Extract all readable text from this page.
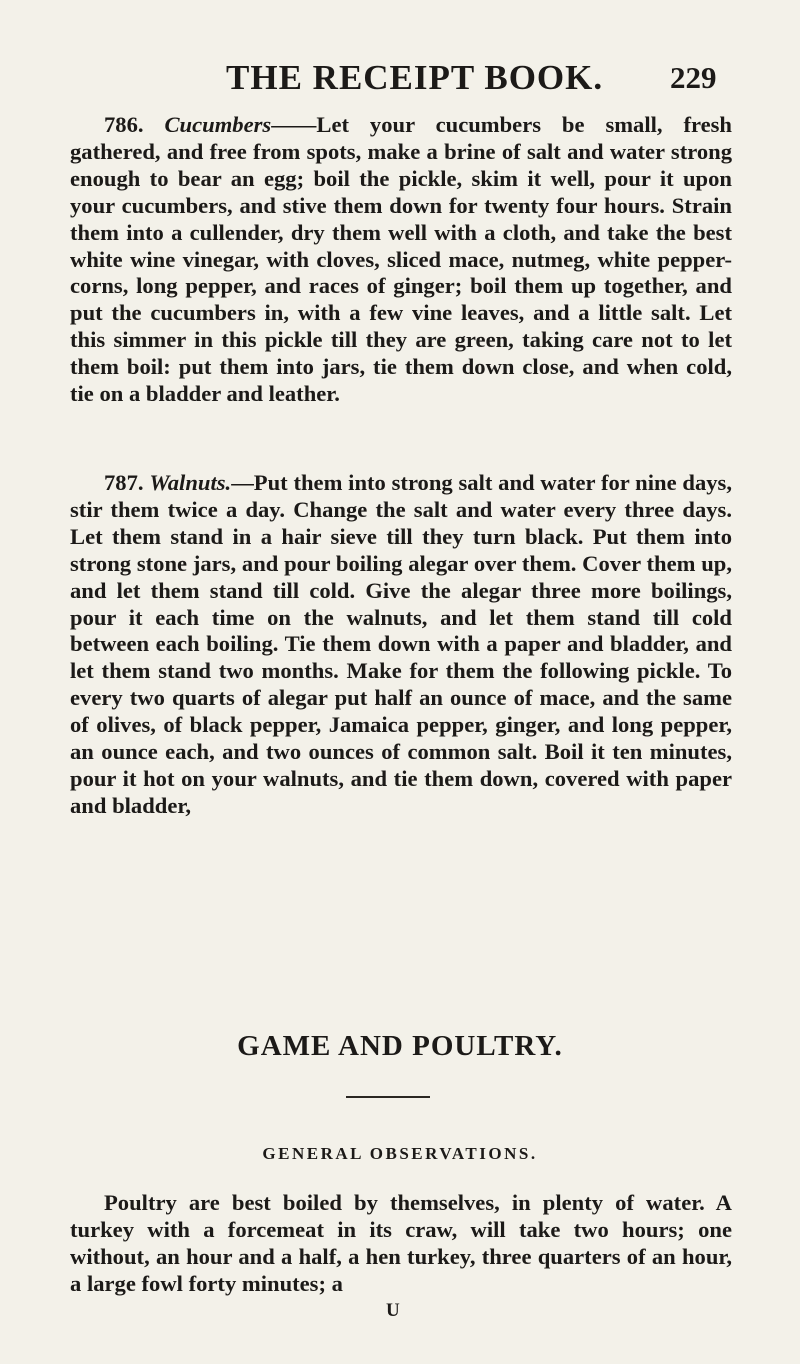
THE RECEIPT BOOK. 229

786. Cucumbers——Let your cucumbers be small, fresh gathered, and free from spots, make a brine of salt and water strong enough to bear an egg; boil the pickle, skim it well, pour it upon your cucumbers, and stive them down for twenty four hours. Strain them into a cullender, dry them well with a cloth, and take the best white wine vinegar, with cloves, sliced mace, nutmeg, white pepper-corns, long pepper, and races of ginger; boil them up together, and put the cucumbers in, with a few vine leaves, and a little salt. Let this simmer in this pickle till they are green, taking care not to let them boil: put them into jars, tie them down close, and when cold, tie on a bladder and leather.

787. Walnuts.—Put them into strong salt and water for nine days, stir them twice a day. Change the salt and water every three days. Let them stand in a hair sieve till they turn black. Put them into strong stone jars, and pour boiling alegar over them. Cover them up, and let them stand till cold. Give the alegar three more boilings, pour it each time on the walnuts, and let them stand till cold between each boiling. Tie them down with a paper and bladder, and let them stand two months. Make for them the following pickle. To every two quarts of alegar put half an ounce of mace, and the same of olives, of black pepper, Jamaica pepper, ginger, and long pepper, an ounce each, and two ounces of common salt. Boil it ten minutes, pour it hot on your walnuts, and tie them down, covered with paper and bladder,

GAME AND POULTRY.
GENERAL OBSERVATIONS.

Poultry are best boiled by themselves, in plenty of water. A turkey with a forcemeat in its craw, will take two hours; one without, an hour and a half, a hen turkey, three quarters of an hour, a large fowl forty minutes; a

U
